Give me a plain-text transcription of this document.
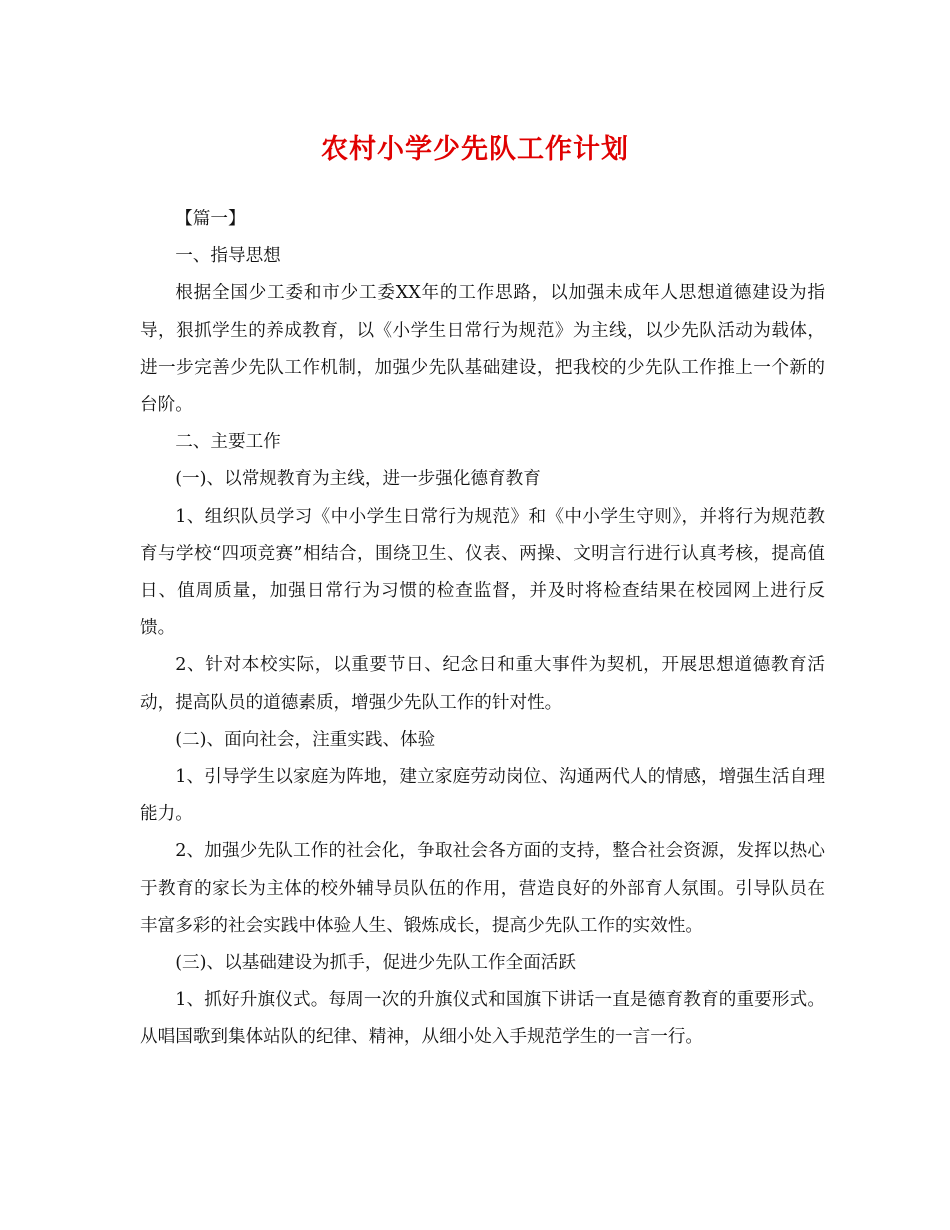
农村小学少先队工作计划

【篇一】

一、指导思想

根据全国少工委和市少工委XX年的工作思路，以加强未成年人思想道德建设为指导，狠抓学生的养成教育，以《小学生日常行为规范》为主线，以少先队活动为载体，进一步完善少先队工作机制，加强少先队基础建设，把我校的少先队工作推上一个新的台阶。

二、主要工作

(一)、以常规教育为主线，进一步强化德育教育

1、组织队员学习《中小学生日常行为规范》和《中小学生守则》，并将行为规范教育与学校“四项竞赛”相结合，围绕卫生、仪表、两操、文明言行进行认真考核，提高值日、值周质量，加强日常行为习惯的检查监督，并及时将检查结果在校园网上进行反馈。

2、针对本校实际，以重要节日、纪念日和重大事件为契机，开展思想道德教育活动，提高队员的道德素质，增强少先队工作的针对性。

(二)、面向社会，注重实践、体验

1、引导学生以家庭为阵地，建立家庭劳动岗位、沟通两代人的情感，增强生活自理能力。

2、加强少先队工作的社会化，争取社会各方面的支持，整合社会资源，发挥以热心于教育的家长为主体的校外辅导员队伍的作用，营造良好的外部育人氛围。引导队员在丰富多彩的社会实践中体验人生、锻炼成长，提高少先队工作的实效性。

(三)、以基础建设为抓手，促进少先队工作全面活跃

1、抓好升旗仪式。每周一次的升旗仪式和国旗下讲话一直是德育教育的重要形式。从唱国歌到集体站队的纪律、精神，从细小处入手规范学生的一言一行。
